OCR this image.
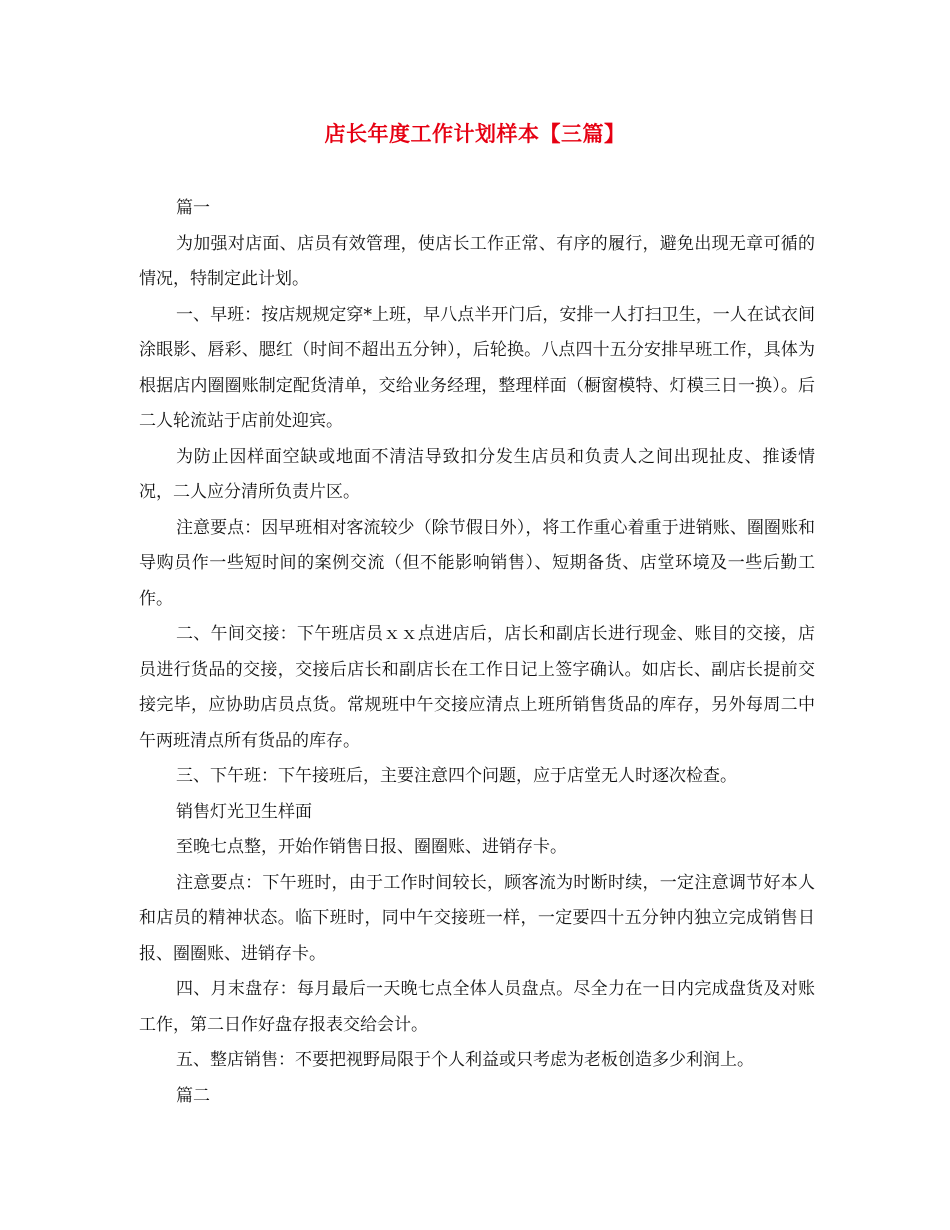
店长年度工作计划样本【三篇】

篇一

为加强对店面、店员有效管理，使店长工作正常、有序的履行，避免出现无章可循的情况，特制定此计划。

一、早班：按店规规定穿*上班，早八点半开门后，安排一人打扫卫生，一人在试衣间涂眼影、唇彩、腮红（时间不超出五分钟），后轮换。八点四十五分安排早班工作，具体为根据店内圈圈账制定配货清单，交给业务经理，整理样面（橱窗模特、灯模三日一换）。后二人轮流站于店前处迎宾。

为防止因样面空缺或地面不清洁导致扣分发生店员和负责人之间出现扯皮、推诿情况，二人应分清所负责片区。

注意要点：因早班相对客流较少（除节假日外），将工作重心着重于进销账、圈圈账和导购员作一些短时间的案例交流（但不能影响销售）、短期备货、店堂环境及一些后勤工作。

二、午间交接：下午班店员ｘｘ点进店后，店长和副店长进行现金、账目的交接，店员进行货品的交接，交接后店长和副店长在工作日记上签字确认。如店长、副店长提前交接完毕，应协助店员点货。常规班中午交接应清点上班所销售货品的库存，另外每周二中午两班清点所有货品的库存。

三、下午班：下午接班后，主要注意四个问题，应于店堂无人时逐次检查。

销售灯光卫生样面

至晚七点整，开始作销售日报、圈圈账、进销存卡。

注意要点：下午班时，由于工作时间较长，顾客流为时断时续，一定注意调节好本人和店员的精神状态。临下班时，同中午交接班一样，一定要四十五分钟内独立完成销售日报、圈圈账、进销存卡。

四、月末盘存：每月最后一天晚七点全体人员盘点。尽全力在一日内完成盘货及对账工作，第二日作好盘存报表交给会计。

五、整店销售：不要把视野局限于个人利益或只考虑为老板创造多少利润上。

篇二
